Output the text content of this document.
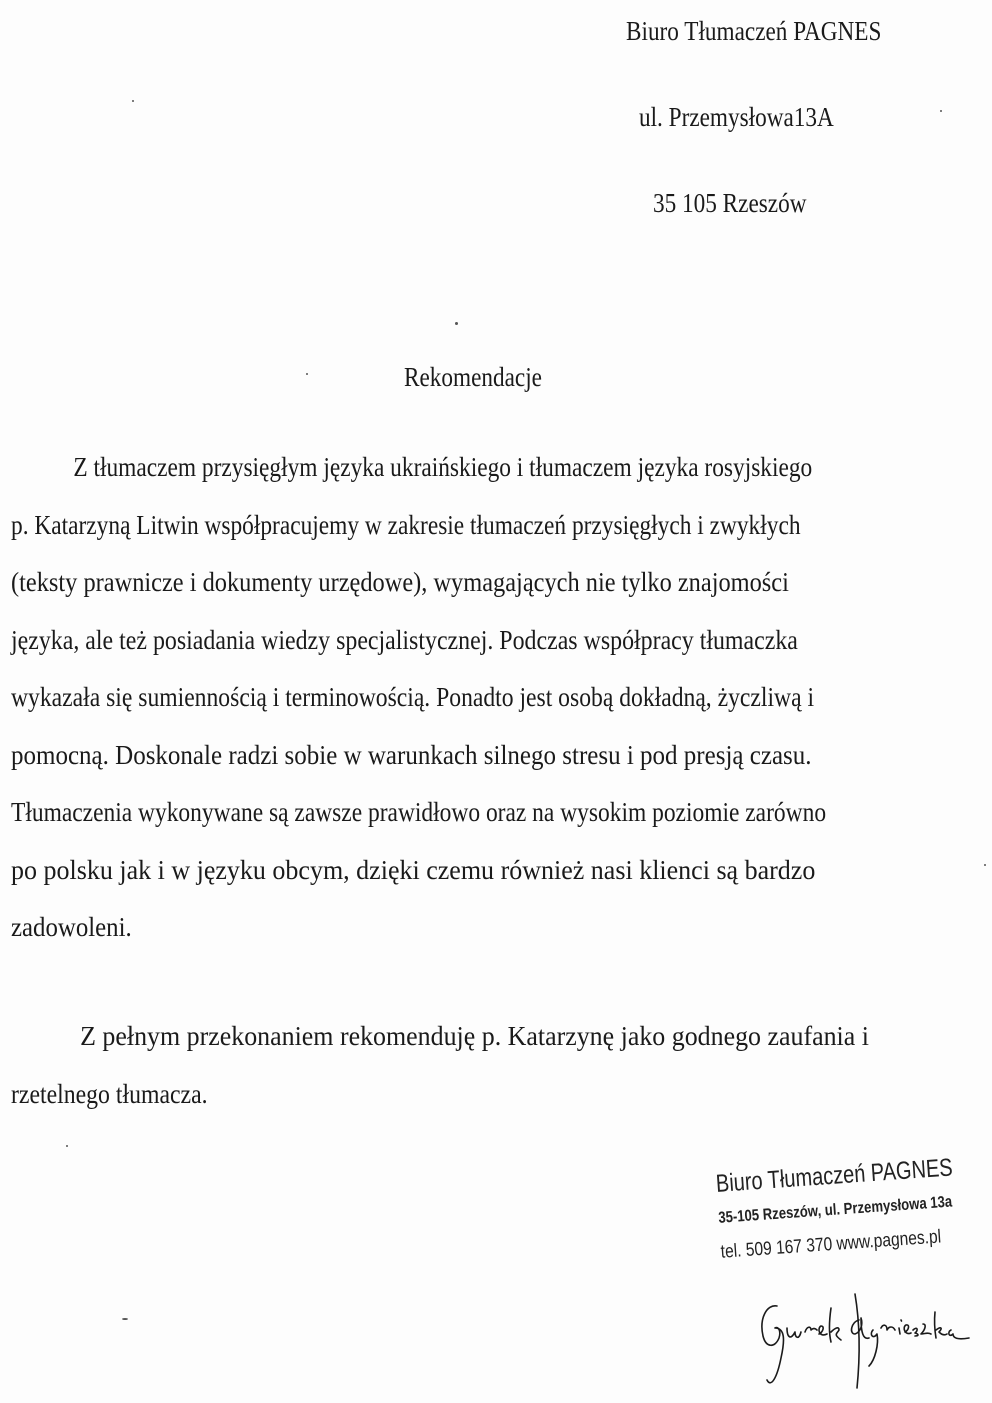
Biuro Tłumaczeń PAGNES
ul. Przemysłowa13A
35 105 Rzeszów
Rekomendacje
Z tłumaczem przysięgłym języka ukraińskiego i tłumaczem języka rosyjskiego
p. Katarzyną Litwin współpracujemy w zakresie tłumaczeń przysięgłych i zwykłych
(teksty prawnicze i dokumenty urzędowe), wymagających nie tylko znajomości
języka, ale też posiadania wiedzy specjalistycznej. Podczas współpracy tłumaczka
wykazała się sumiennością i terminowością. Ponadto jest osobą dokładną, życzliwą i
pomocną. Doskonale radzi sobie w warunkach silnego stresu i pod presją czasu.
Tłumaczenia wykonywane są zawsze prawidłowo oraz na wysokim poziomie zarówno
po polsku jak i w języku obcym, dzięki czemu również nasi klienci są bardzo
zadowoleni.
Z pełnym przekonaniem rekomenduję p. Katarzynę jako godnego zaufania i
rzetelnego tłumacza.
Biuro Tłumaczeń PAGNES
35-105 Rzeszów, ul. Przemysłowa 13a
tel. 509 167 370 www.pagnes.pl
